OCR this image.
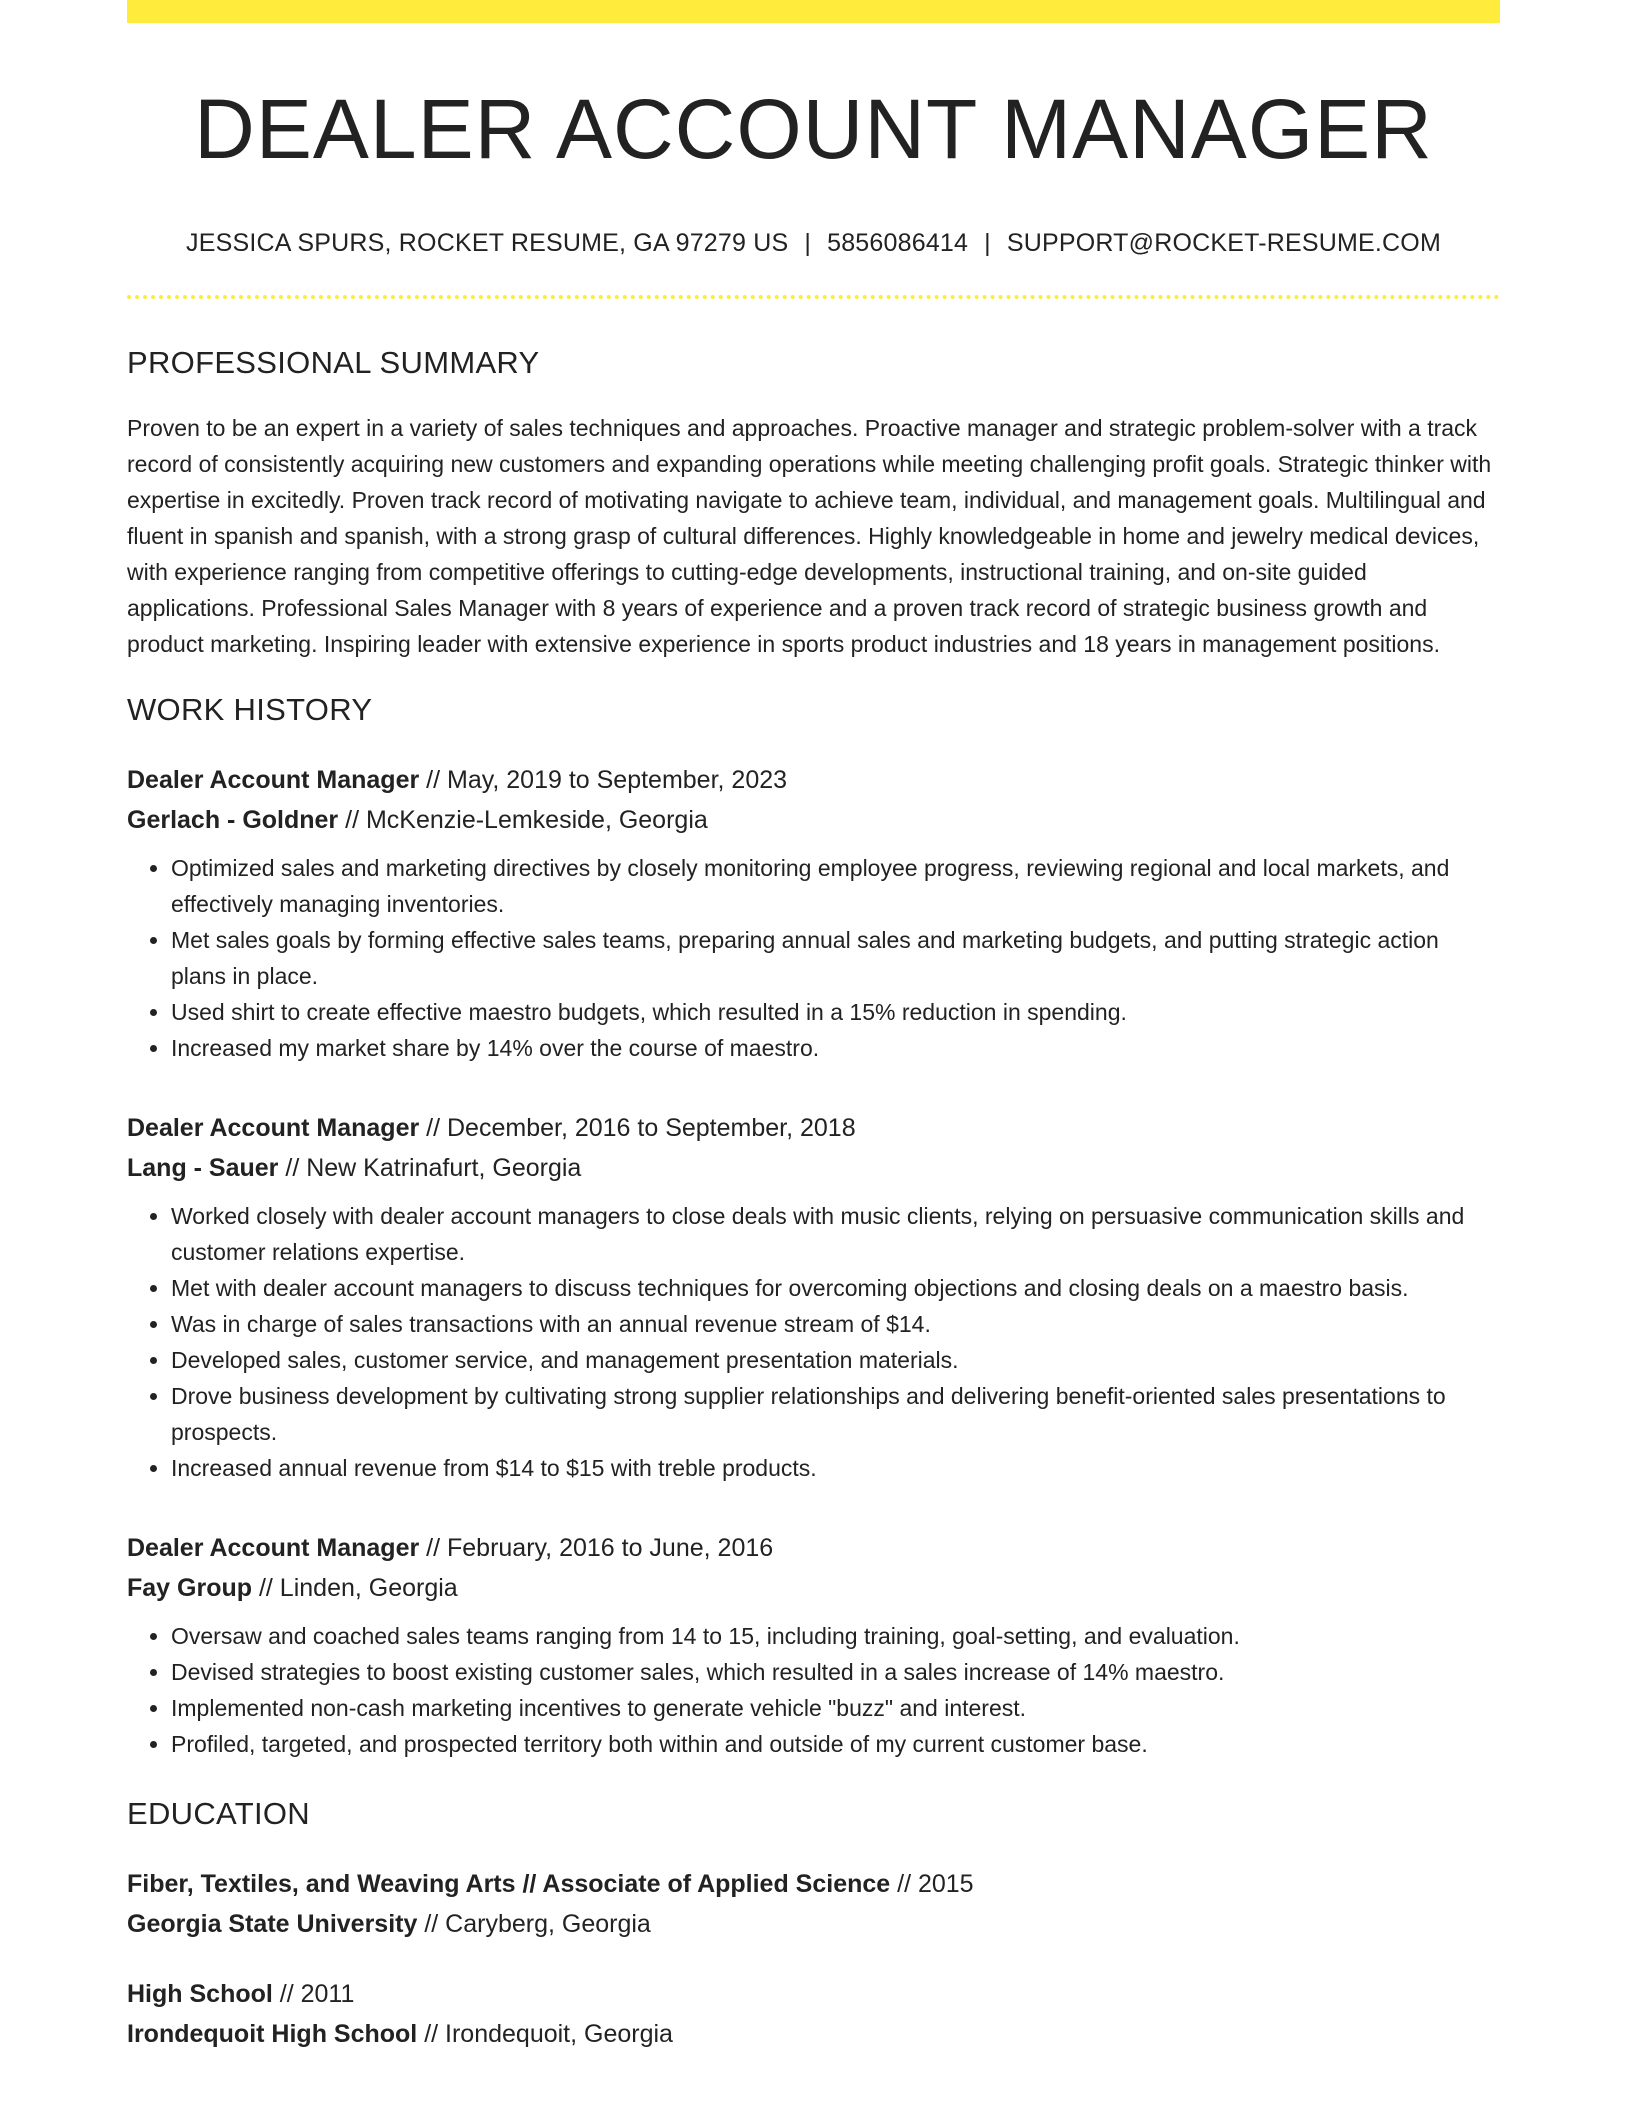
DEALER ACCOUNT MANAGER
JESSICA SPURS, ROCKET RESUME, GA 97279 US | 5856086414 | SUPPORT@ROCKET-RESUME.COM
PROFESSIONAL SUMMARY
Proven to be an expert in a variety of sales techniques and approaches. Proactive manager and strategic problem-solver with a track record of consistently acquiring new customers and expanding operations while meeting challenging profit goals. Strategic thinker with expertise in excitedly. Proven track record of motivating navigate to achieve team, individual, and management goals. Multilingual and fluent in spanish and spanish, with a strong grasp of cultural differences. Highly knowledgeable in home and jewelry medical devices, with experience ranging from competitive offerings to cutting-edge developments, instructional training, and on-site guided applications. Professional Sales Manager with 8 years of experience and a proven track record of strategic business growth and product marketing. Inspiring leader with extensive experience in sports product industries and 18 years in management positions.
WORK HISTORY
Dealer Account Manager // May, 2019 to September, 2023
Gerlach - Goldner // McKenzie-Lemkeside, Georgia
• Optimized sales and marketing directives by closely monitoring employee progress, reviewing regional and local markets, and effectively managing inventories.
• Met sales goals by forming effective sales teams, preparing annual sales and marketing budgets, and putting strategic action plans in place.
• Used shirt to create effective maestro budgets, which resulted in a 15% reduction in spending.
• Increased my market share by 14% over the course of maestro.
Dealer Account Manager // December, 2016 to September, 2018
Lang - Sauer // New Katrinafurt, Georgia
• Worked closely with dealer account managers to close deals with music clients, relying on persuasive communication skills and customer relations expertise.
• Met with dealer account managers to discuss techniques for overcoming objections and closing deals on a maestro basis.
• Was in charge of sales transactions with an annual revenue stream of $14.
• Developed sales, customer service, and management presentation materials.
• Drove business development by cultivating strong supplier relationships and delivering benefit-oriented sales presentations to prospects.
• Increased annual revenue from $14 to $15 with treble products.
Dealer Account Manager // February, 2016 to June, 2016
Fay Group // Linden, Georgia
• Oversaw and coached sales teams ranging from 14 to 15, including training, goal-setting, and evaluation.
• Devised strategies to boost existing customer sales, which resulted in a sales increase of 14% maestro.
• Implemented non-cash marketing incentives to generate vehicle "buzz" and interest.
• Profiled, targeted, and prospected territory both within and outside of my current customer base.
EDUCATION
Fiber, Textiles, and Weaving Arts // Associate of Applied Science // 2015
Georgia State University // Caryberg, Georgia
High School // 2011
Irondequoit High School // Irondequoit, Georgia
